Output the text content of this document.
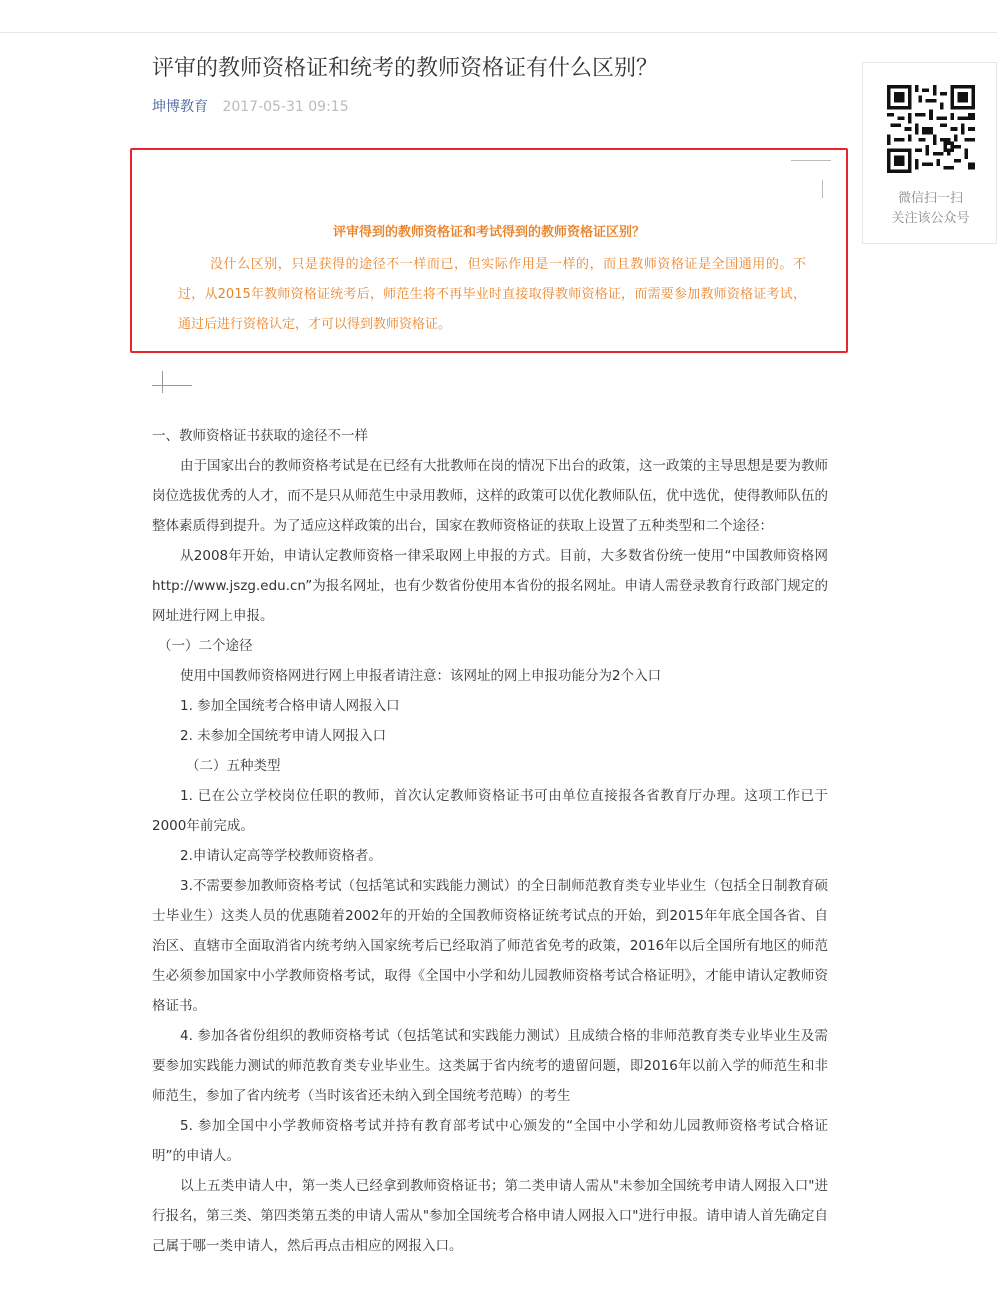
评审的教师资格证和统考的教师资格证有什么区别？
坤博教育 2017-05-31 09:15
评审得到的教师资格证和考试得到的教师资格证区别？
没什么区别，只是获得的途径不一样而已，但实际作用是一样的，而且教师资格证是全国通用的。不过，从2015年教师资格证统考后，师范生将不再毕业时直接取得教师资格证，而需要参加教师资格证考试，通过后进行资格认定，才可以得到教师资格证。

一、教师资格证书获取的途径不一样

由于国家出台的教师资格考试是在已经有大批教师在岗的情况下出台的政策，这一政策的主导思想是要为教师岗位选拔优秀的人才，而不是只从师范生中录用教师，这样的政策可以优化教师队伍，优中选优，使得教师队伍的整体素质得到提升。为了适应这样政策的出台，国家在教师资格证的获取上设置了五种类型和二个途径：

从2008年开始，申请认定教师资格一律采取网上申报的方式。目前，大多数省份统一使用“中国教师资格网http://www.jszg.edu.cn”为报名网址，也有少数省份使用本省份的报名网址。申请人需登录教育行政部门规定的网址进行网上申报。

（一）二个途径

使用中国教师资格网进行网上申报者请注意：该网址的网上申报功能分为2个入口

1. 参加全国统考合格申请人网报入口

2. 未参加全国统考申请人网报入口

（二）五种类型

1. 已在公立学校岗位任职的教师，首次认定教师资格证书可由单位直接报各省教育厅办理。这项工作已于2000年前完成。

2.申请认定高等学校教师资格者。

3.不需要参加教师资格考试（包括笔试和实践能力测试）的全日制师范教育类专业毕业生（包括全日制教育硕士毕业生）这类人员的优惠随着2002年的开始的全国教师资格证统考试点的开始，到2015年年底全国各省、自治区、直辖市全面取消省内统考纳入国家统考后已经取消了师范省免考的政策，2016年以后全国所有地区的师范生必须参加国家中小学教师资格考试，取得《全国中小学和幼儿园教师资格考试合格证明》，才能申请认定教师资格证书。

4. 参加各省份组织的教师资格考试（包括笔试和实践能力测试）且成绩合格的非师范教育类专业毕业生及需要参加实践能力测试的师范教育类专业毕业生。这类属于省内统考的遗留问题，即2016年以前入学的师范生和非师范生，参加了省内统考（当时该省还未纳入到全国统考范畴）的考生

5. 参加全国中小学教师资格考试并持有教育部考试中心颁发的“全国中小学和幼儿园教师资格考试合格证明”的申请人。

以上五类申请人中，第一类人已经拿到教师资格证书；第二类申请人需从"未参加全国统考申请人网报入口"进行报名，第三类、第四类第五类的申请人需从"参加全国统考合格申请人网报入口"进行申报。请申请人首先确定自己属于哪一类申请人，然后再点击相应的网报入口。

微信扫一扫
关注该公众号
